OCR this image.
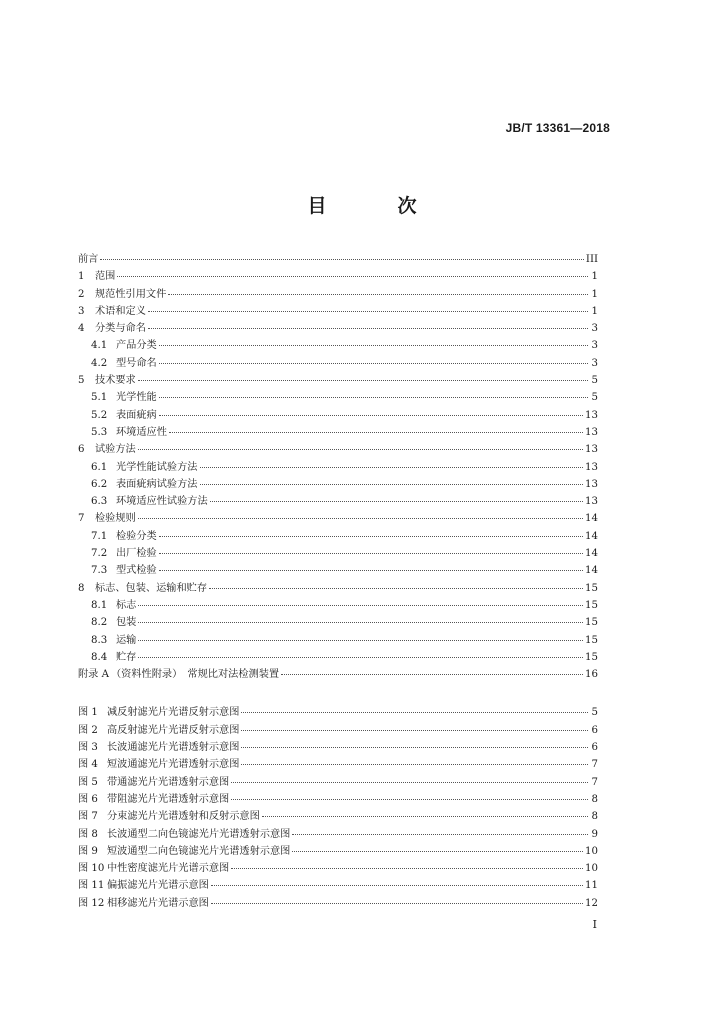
JB/T 13361—2018
目　次
前言	III
1	范围	1
2	规范性引用文件	1
3	术语和定义	1
4	分类与命名	3
4.1 产品分类	3
4.2 型号命名	3
5	技术要求	5
5.1 光学性能	5
5.2 表面疵病	13
5.3 环境适应性	13
6	试验方法	13
6.1 光学性能试验方法	13
6.2 表面疵病试验方法	13
6.3 环境适应性试验方法	13
7	检验规则	14
7.1 检验分类	14
7.2 出厂检验	14
7.3 型式检验	14
8	标志、包装、运输和贮存	15
8.1 标志	15
8.2 包装	15
8.3 运输	15
8.4 贮存	15
附录 A （资料性附录）　常规比对法检测装置	16
图 1 减反射滤光片光谱反射示意图	5
图 2 高反射滤光片光谱反射示意图	6
图 3 长波通滤光片光谱透射示意图	6
图 4 短波通滤光片光谱透射示意图	7
图 5 带通滤光片光谱透射示意图	7
图 6 带阻滤光片光谱透射示意图	8
图 7 分束滤光片光谱透射和反射示意图	8
图 8 长波通型二向色镜滤光片光谱透射示意图	9
图 9 短波通型二向色镜滤光片光谱透射示意图	10
图 10 中性密度滤光片光谱示意图	10
图 11 偏振滤光片光谱示意图	11
图 12 相移滤光片光谱示意图	12
I
